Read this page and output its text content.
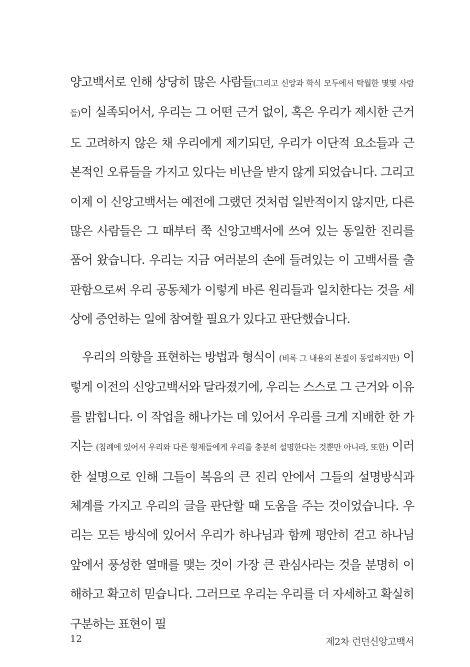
양고백서로 인해 상당히 많은 사람들(그리고 신앙과 학식 모두에서 탁월한 몇몇 사람들)이 실족되어서, 우리는 그 어떤 근거 없이, 혹은 우리가 제시한 근거도 고려하지 않은 채 우리에게 제기되던, 우리가 이단적 요소들과 근본적인 오류들을 가지고 있다는 비난을 받지 않게 되었습니다. 그리고 이제 이 신앙고백서는 예전에 그랬던 것처럼 일반적이지 않지만, 다른 많은 사람들은 그 때부터 쭉 신앙고백서에 쓰여 있는 동일한 진리를 품어 왔습니다. 우리는 지금 여러분의 손에 들려있는 이 고백서를 출판함으로써 우리 공동체가 이렇게 바른 원리들과 일치한다는 것을 세상에 증언하는 일에 참여할 필요가 있다고 판단했습니다.

우리의 의향을 표현하는 방법과 형식이 (비록 그 내용의 본질이 동일하지만) 이렇게 이전의 신앙고백서와 달라졌기에, 우리는 스스로 그 근거와 이유를 밝힙니다. 이 작업을 해나가는 데 있어서 우리를 크게 지배한 한 가지는 (침례에 있어서 우리와 다른 형제들에게 우리를 충분히 설명한다는 것뿐만 아니라, 또한) 이러한 설명으로 인해 그들이 복음의 큰 진리 안에서 그들의 설명방식과 체계를 가지고 우리의 글을 판단할 때 도움을 주는 것이었습니다. 우리는 모든 방식에 있어서 우리가 하나님과 함께 평안히 걷고 하나님 앞에서 풍성한 열매를 맺는 것이 가장 큰 관심사라는 것을 분명히 이해하고 확고히 믿습니다. 그러므로 우리는 우리를 더 자세하고 확실히 구분하는 표현이 필

12	제2차 런던신앙고백서
